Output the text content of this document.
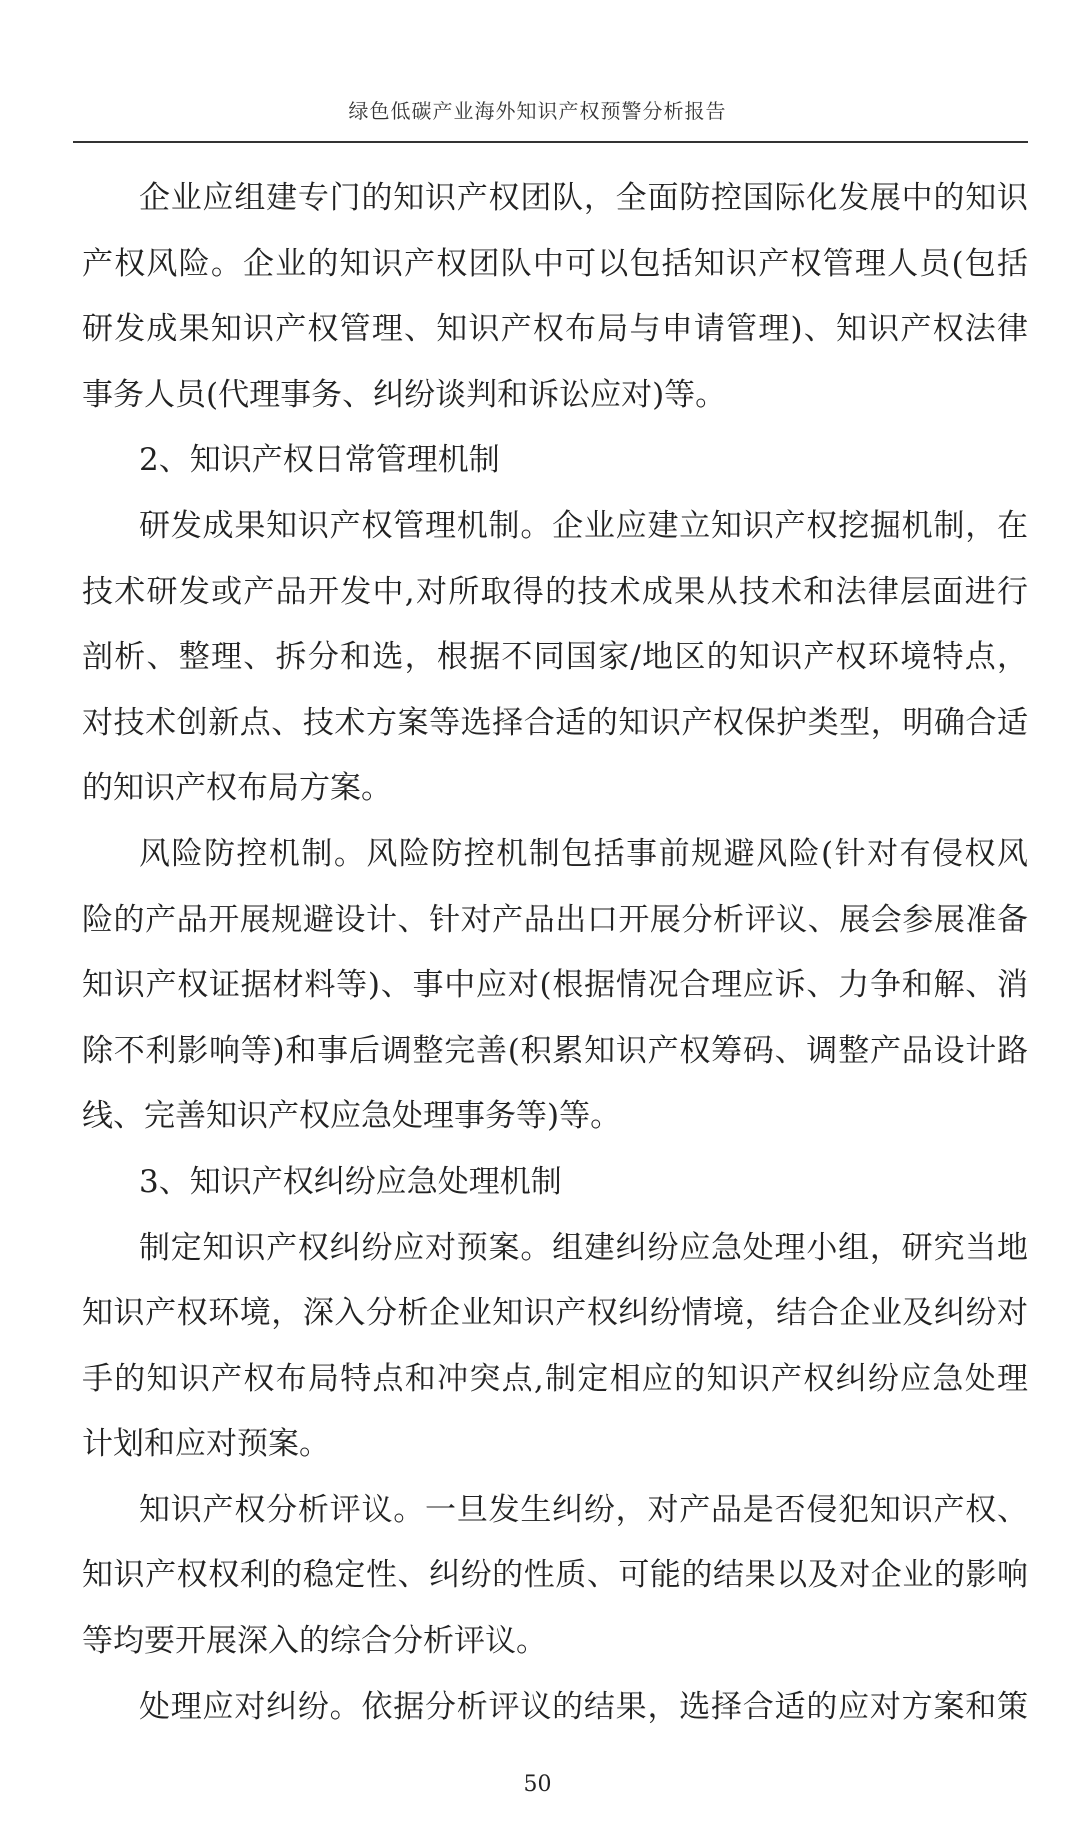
绿色低碳产业海外知识产权预警分析报告
企业应组建专门的知识产权团队，全面防控国际化发展中的知识
产权风险。企业的知识产权团队中可以包括知识产权管理人员(包括
研发成果知识产权管理、知识产权布局与申请管理)、知识产权法律
事务人员(代理事务、纠纷谈判和诉讼应对)等。
2、知识产权日常管理机制
研发成果知识产权管理机制。企业应建立知识产权挖掘机制，在
技术研发或产品开发中,对所取得的技术成果从技术和法律层面进行
剖析、整理、拆分和选，根据不同国家/地区的知识产权环境特点，
对技术创新点、技术方案等选择合适的知识产权保护类型，明确合适
的知识产权布局方案。
风险防控机制。风险防控机制包括事前规避风险(针对有侵权风
险的产品开展规避设计、针对产品出口开展分析评议、展会参展准备
知识产权证据材料等)、事中应对(根据情况合理应诉、力争和解、消
除不利影响等)和事后调整完善(积累知识产权筹码、调整产品设计路
线、完善知识产权应急处理事务等)等。
3、知识产权纠纷应急处理机制
制定知识产权纠纷应对预案。组建纠纷应急处理小组，研究当地
知识产权环境，深入分析企业知识产权纠纷情境，结合企业及纠纷对
手的知识产权布局特点和冲突点,制定相应的知识产权纠纷应急处理
计划和应对预案。
知识产权分析评议。一旦发生纠纷，对产品是否侵犯知识产权、
知识产权权利的稳定性、纠纷的性质、可能的结果以及对企业的影响
等均要开展深入的综合分析评议。
处理应对纠纷。依据分析评议的结果，选择合适的应对方案和策
50
